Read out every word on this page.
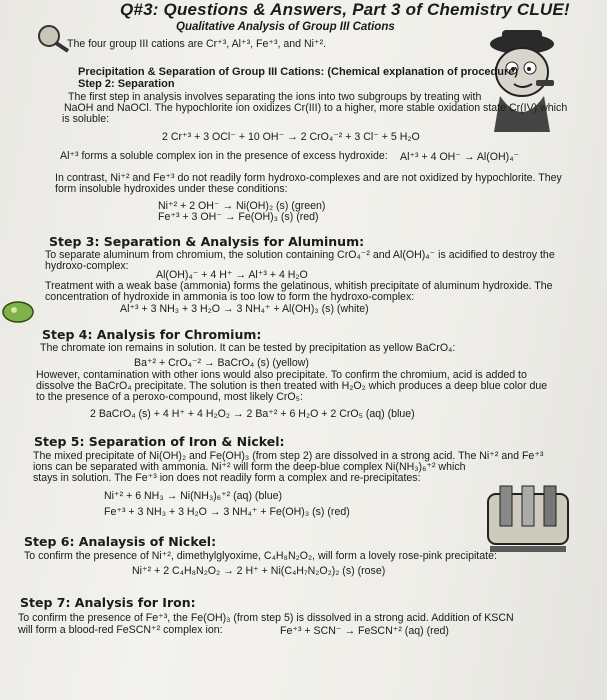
Q#3: Questions & Answers, Part 3 of Chemistry CLUE!
Qualitative Analysis of Group III Cations
The four group III cations are Cr⁺³, Al⁺³, Fe⁺³, and Ni⁺².
Precipitation & Separation of Group III Cations: (Chemical explanation of procedure)
Step 2: Separation
The first step in analysis involves separating the ions into two subgroups by treating with
NaOH and NaOCl. The hypochlorite ion oxidizes Cr(III) to a higher, more stable oxidation state Cr(IV) which
is soluble:
2 Cr⁺³ + 3 OCl⁻ + 10 OH⁻ → 2 CrO₄⁻² + 3 Cl⁻ + 5 H₂O
Al⁺³ forms a soluble complex ion in the presence of excess hydroxide: Al⁺³ + 4 OH⁻ → Al(OH)₄⁻
In contrast, Ni⁺² and Fe⁺³ do not readily form hydroxo-complexes and are not oxidized by hypochlorite. They
form insoluble hydroxides under these conditions:
Ni⁺² + 2 OH⁻ → Ni(OH)₂ (s) (green)
Fe⁺³ + 3 OH⁻ → Fe(OH)₃ (s) (red)
Step 3: Separation & Analysis for Aluminum:
To separate aluminum from chromium, the solution containing CrO₄⁻² and Al(OH)₄⁻ is acidified to destroy the
hydroxo-complex:
Al(OH)₄⁻ + 4 H⁺ → Al⁺³ + 4 H₂O
Treatment with a weak base (ammonia) forms the gelatinous, whitish precipitate of aluminum hydroxide. The
concentration of hydroxide in ammonia is too low to form the hydroxo-complex:
Al⁺³ + 3 NH₃ + 3 H₂O → 3 NH₄⁺ + Al(OH)₃ (s) (white)
Step 4: Analysis for Chromium:
The chromate ion remains in solution. It can be tested by precipitation as yellow BaCrO₄:
Ba⁺² + CrO₄⁻² → BaCrO₄ (s) (yellow)
However, contamination with other ions would also precipitate. To confirm the chromium, acid is added to
dissolve the BaCrO₄ precipitate. The solution is then treated with H₂O₂ which produces a deep blue color due
to the presence of a peroxo-compound, most likely CrO₅:
2 BaCrO₄ (s) + 4 H⁺ + 4 H₂O₂ → 2 Ba⁺² + 6 H₂O + 2 CrO₅ (aq) (blue)
Step 5: Separation of Iron & Nickel:
The mixed precipitate of Ni(OH)₂ and Fe(OH)₃ (from step 2) are dissolved in a strong acid. The Ni⁺² and Fe⁺³
ions can be separated with ammonia. Ni⁺² will form the deep-blue complex Ni(NH₃)₆⁺² which
stays in solution. The Fe⁺³ ion does not readily form a complex and re-precipitates:
Ni⁺² + 6 NH₃ → Ni(NH₃)₆⁺² (aq) (blue)
Fe⁺³ + 3 NH₃ + 3 H₂O → 3 NH₄⁺ + Fe(OH)₃ (s) (red)
Step 6: Analaysis of Nickel:
To confirm the presence of Ni⁺², dimethylglyoxime, C₄H₈N₂O₂, will form a lovely rose-pink precipitate:
Ni⁺² + 2 C₄H₈N₂O₂ → 2 H⁺ + Ni(C₄H₇N₂O₂)₂ (s) (rose)
Step 7: Analysis for Iron:
To confirm the presence of Fe⁺³, the Fe(OH)₃ (from step 5) is dissolved in a strong acid. Addition of KSCN
will form a blood-red FeSCN⁺² complex ion:	Fe⁺³ + SCN⁻ → FeSCN⁺² (aq) (red)
